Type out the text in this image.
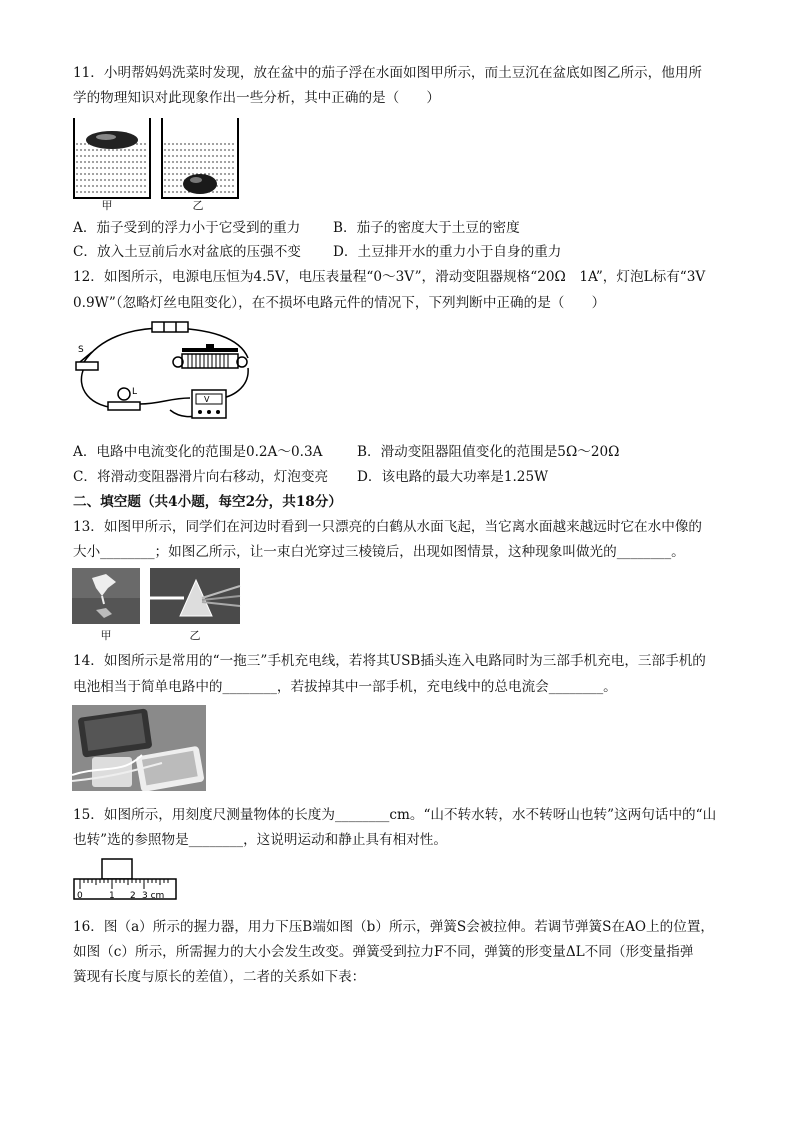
11．小明帮妈妈洗菜时发现，放在盆中的茄子浮在水面如图甲所示，而土豆沉在盆底如图乙所示，他用所
学的物理知识对此现象作出一些分析，其中正确的是（　　）
甲	乙
A．茄子受到的浮力小于它受到的重力 B．茄子的密度大于土豆的密度
C．放入土豆前后水对盆底的压强不变 D．土豆排开水的重力小于自身的重力
12．如图所示，电源电压恒为4.5V，电压表量程“0～3V”，滑动变阻器规格“20Ω　1A”，灯泡L标有“3V
0.9W”（忽略灯丝电阻变化），在不损坏电路元件的情况下，下列判断中正确的是（　　）
S
L
V
A．电路中电流变化的范围是0.2A～0.3A	B．滑动变阻器阻值变化的范围是5Ω～20Ω
C．将滑动变阻器滑片向右移动，灯泡变亮 D．该电路的最大功率是1.25W
二、填空题（共4小题，每空2分，共18分）
13．如图甲所示，同学们在河边时看到一只漂亮的白鹤从水面飞起，当它离水面越来越远时它在水中像的
大小________；如图乙所示，让一束白光穿过三棱镜后，出现如图情景，这种现象叫做光的________。
甲	乙
14．如图所示是常用的“一拖三”手机充电线，若将其USB插头连入电路同时为三部手机充电，三部手机的
电池相当于简单电路中的________，若拔掉其中一部手机，充电线中的总电流会________。
15．如图所示，用刻度尺测量物体的长度为________cm。“山不转水转，水不转呀山也转”这两句话中的“山
也转”选的参照物是________，这说明运动和静止具有相对性。
0	1 2 3 cm
16．图（a）所示的握力器，用力下压B端如图（b）所示，弹簧S会被拉伸。若调节弹簧S在AO上的位置，
如图（c）所示，所需握力的大小会发生改变。弹簧受到拉力F不同，弹簧的形变量ΔL不同（形变量指弹
簧现有长度与原长的差值），二者的关系如下表：
